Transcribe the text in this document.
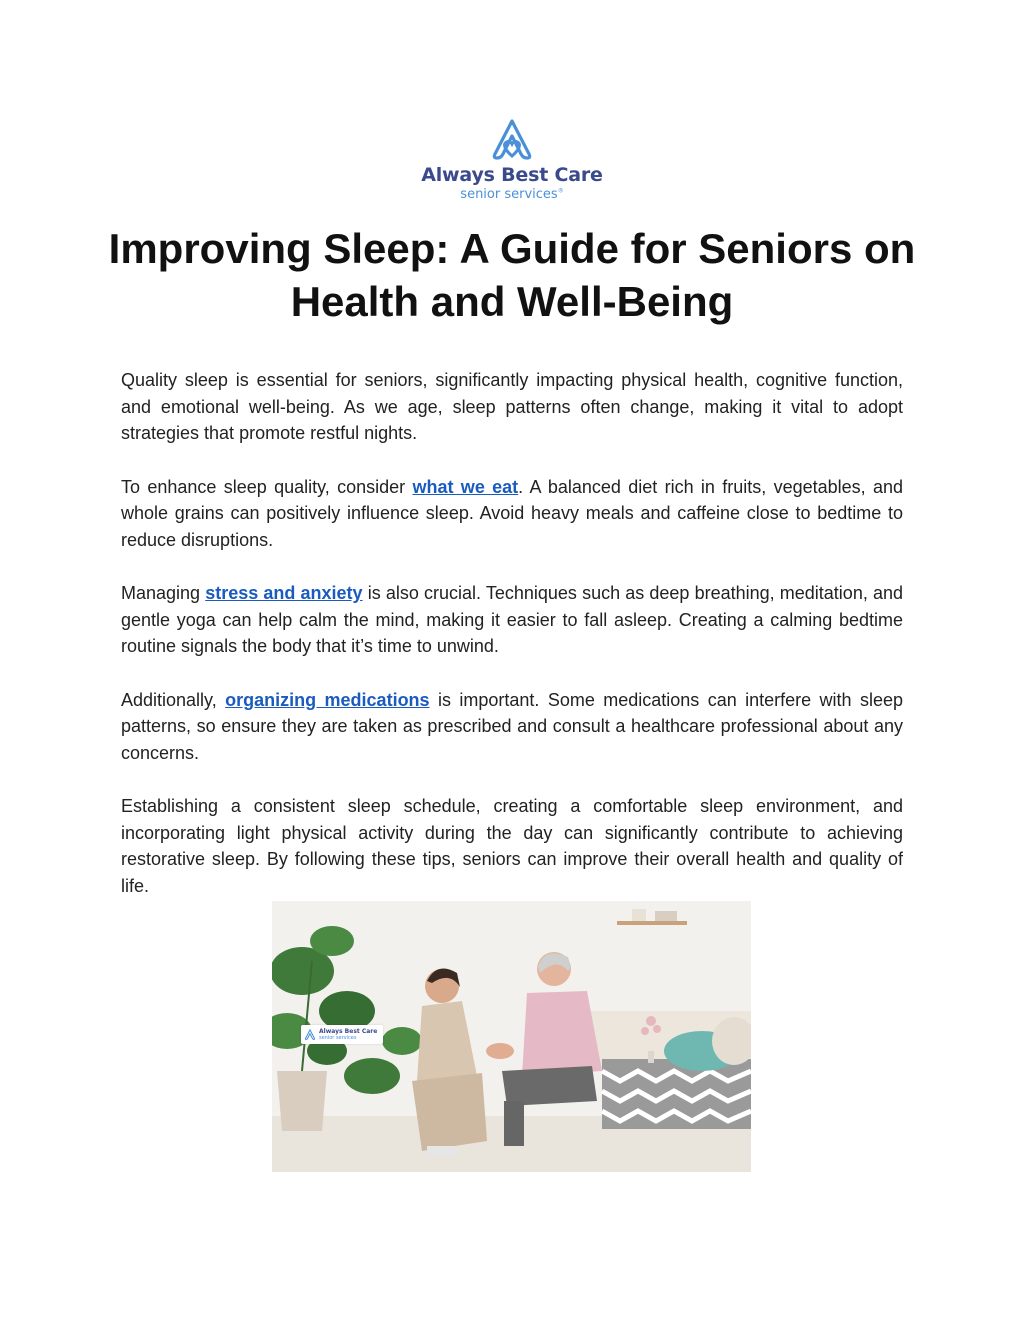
Always Best Care
senior services®
Improving Sleep: A Guide for Seniors on Health and Well-Being

Quality sleep is essential for seniors, significantly impacting physical health, cognitive function, and emotional well-being. As we age, sleep patterns often change, making it vital to adopt strategies that promote restful nights.

To enhance sleep quality, consider what we eat. A balanced diet rich in fruits, vegetables, and whole grains can positively influence sleep. Avoid heavy meals and caffeine close to bedtime to reduce disruptions.

Managing stress and anxiety is also crucial. Techniques such as deep breathing, meditation, and gentle yoga can help calm the mind, making it easier to fall asleep. Creating a calming bedtime routine signals the body that it’s time to unwind.

Additionally, organizing medications is important. Some medications can interfere with sleep patterns, so ensure they are taken as prescribed and consult a healthcare professional about any concerns.

Establishing a consistent sleep schedule, creating a comfortable sleep environment, and incorporating light physical activity during the day can significantly contribute to achieving restorative sleep. By following these tips, seniors can improve their overall health and quality of life.

Always Best Care
senior services
